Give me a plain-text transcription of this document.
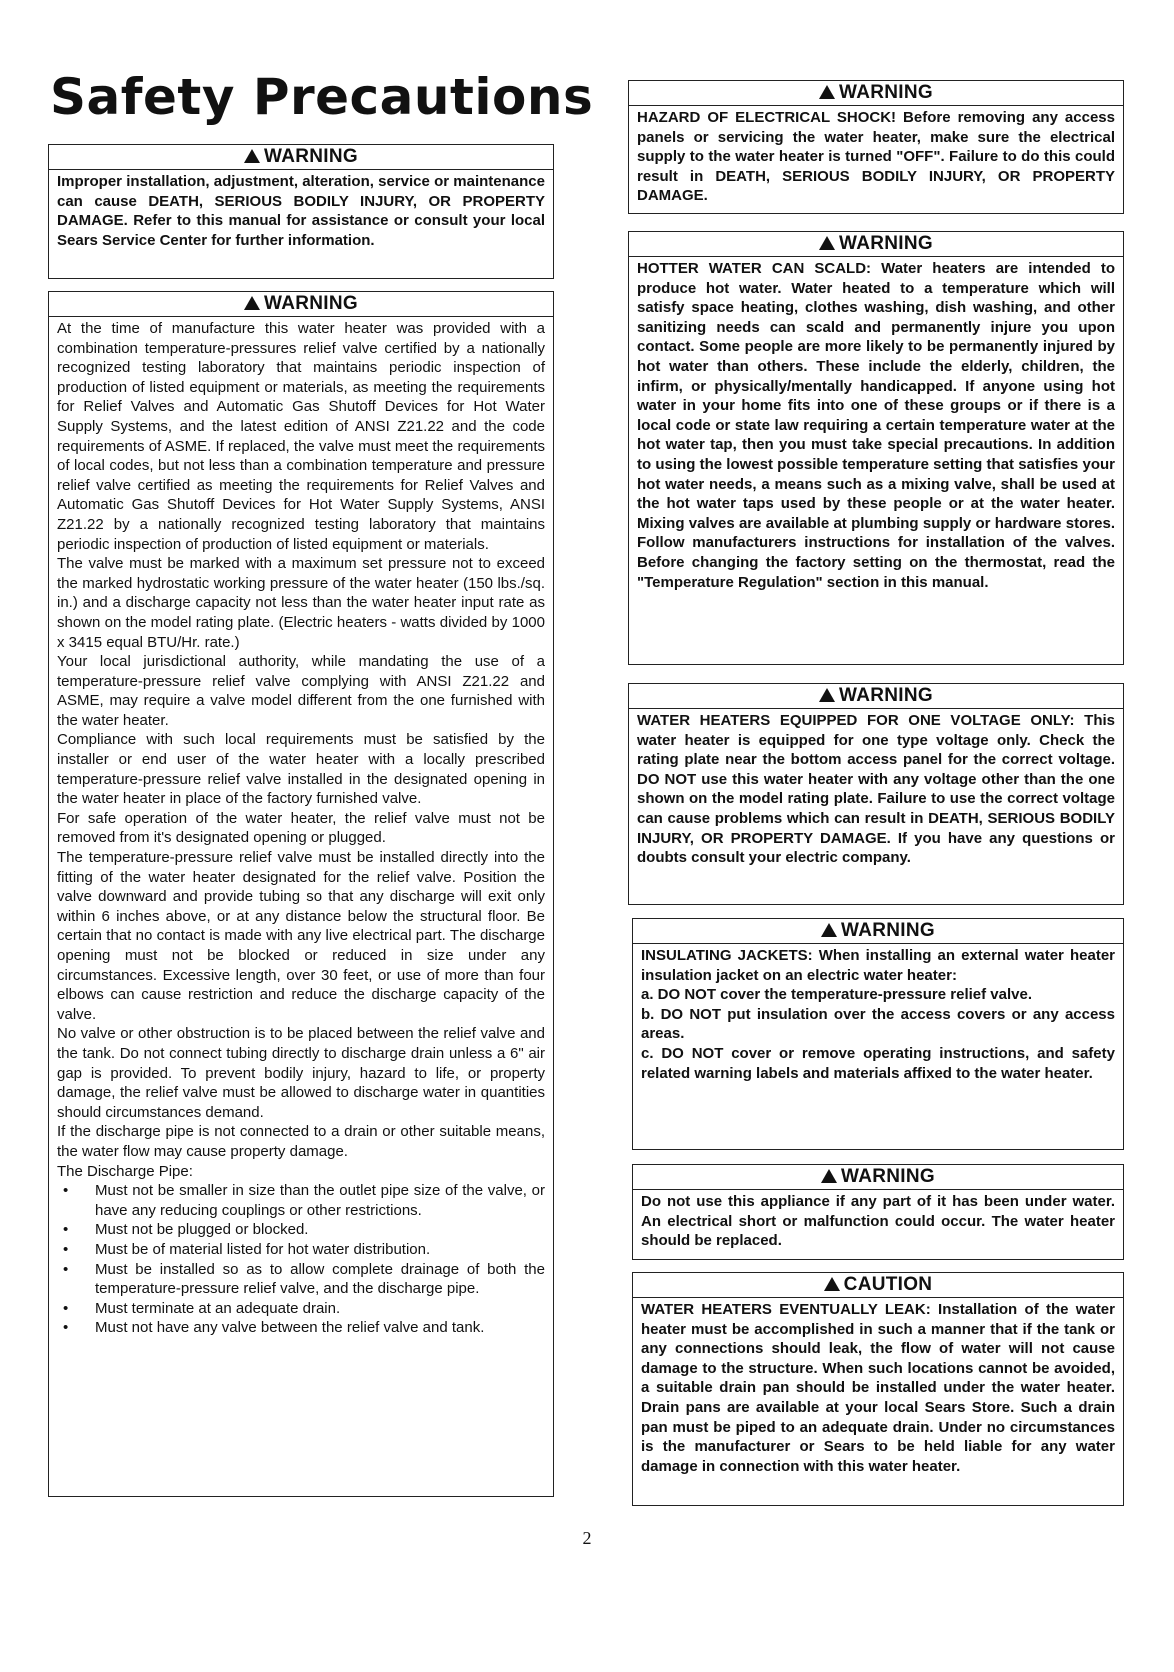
Safety Precautions
WARNING

Improper installation, adjustment, alteration, service or maintenance can cause DEATH, SERIOUS BODILY INJURY, OR PROPERTY DAMAGE. Refer to this manual for assistance or consult your local Sears Service Center for further information.

WARNING

At the time of manufacture this water heater was provided with a combination temperature-pressures relief valve certified by a nationally recognized testing laboratory that maintains periodic inspection of production of listed equipment or materials, as meeting the requirements for Relief Valves and Automatic Gas Shutoff Devices for Hot Water Supply Systems, and the latest edition of ANSI Z21.22 and the code requirements of ASME. If replaced, the valve must meet the requirements of local codes, but not less than a combination temperature and pressure relief valve certified as meeting the requirements for Relief Valves and Automatic Gas Shutoff Devices for Hot Water Supply Systems, ANSI Z21.22 by a nationally recognized testing laboratory that maintains periodic inspection of production of listed equipment or materials.

The valve must be marked with a maximum set pressure not to exceed the marked hydrostatic working pressure of the water heater (150 lbs./sq. in.) and a discharge capacity not less than the water heater input rate as shown on the model rating plate. (Electric heaters - watts divided by 1000 x 3415 equal BTU/Hr. rate.)

Your local jurisdictional authority, while mandating the use of a temperature-pressure relief valve complying with ANSI Z21.22 and ASME, may require a valve model different from the one furnished with the water heater.

Compliance with such local requirements must be satisfied by the installer or end user of the water heater with a locally prescribed temperature-pressure relief valve installed in the designated opening in the water heater in place of the factory furnished valve.

For safe operation of the water heater, the relief valve must not be removed from it's designated opening or plugged.

The temperature-pressure relief valve must be installed directly into the fitting of the water heater designated for the relief valve. Position the valve downward and provide tubing so that any discharge will exit only within 6 inches above, or at any distance below the structural floor. Be certain that no contact is made with any live electrical part. The discharge opening must not be blocked or reduced in size under any circumstances. Excessive length, over 30 feet, or use of more than four elbows can cause restriction and reduce the discharge capacity of the valve.

No valve or other obstruction is to be placed between the relief valve and the tank. Do not connect tubing directly to discharge drain unless a 6" air gap is provided. To prevent bodily injury, hazard to life, or property damage, the relief valve must be allowed to discharge water in quantities should circumstances demand.

If the discharge pipe is not connected to a drain or other suitable means, the water flow may cause property damage.

The Discharge Pipe:

• Must not be smaller in size than the outlet pipe size of the valve, or have any reducing couplings or other restrictions.
• Must not be plugged or blocked.
• Must be of material listed for hot water distribution.
• Must be installed so as to allow complete drainage of both the temperature-pressure relief valve, and the discharge pipe.
• Must terminate at an adequate drain.
• Must not have any valve between the relief valve and tank.
WARNING

HAZARD OF ELECTRICAL SHOCK! Before removing any access panels or servicing the water heater, make sure the electrical supply to the water heater is turned "OFF". Failure to do this could result in DEATH, SERIOUS BODILY INJURY, OR PROPERTY DAMAGE.

WARNING

HOTTER WATER CAN SCALD: Water heaters are intended to produce hot water. Water heated to a temperature which will satisfy space heating, clothes washing, dish washing, and other sanitizing needs can scald and permanently injure you upon contact. Some people are more likely to be permanently injured by hot water than others. These include the elderly, children, the infirm, or physically/mentally handicapped. If anyone using hot water in your home fits into one of these groups or if there is a local code or state law requiring a certain temperature water at the hot water tap, then you must take special precautions. In addition to using the lowest possible temperature setting that satisfies your hot water needs, a means such as a mixing valve, shall be used at the hot water taps used by these people or at the water heater. Mixing valves are available at plumbing supply or hardware stores. Follow manufacturers instructions for installation of the valves. Before changing the factory setting on the thermostat, read the "Temperature Regulation" section in this manual.

WARNING

WATER HEATERS EQUIPPED FOR ONE VOLTAGE ONLY: This water heater is equipped for one type voltage only. Check the rating plate near the bottom access panel for the correct voltage. DO NOT use this water heater with any voltage other than the one shown on the model rating plate. Failure to use the correct voltage can cause problems which can result in DEATH, SERIOUS BODILY INJURY, OR PROPERTY DAMAGE. If you have any questions or doubts consult your electric company.

WARNING

INSULATING JACKETS: When installing an external water heater insulation jacket on an electric water heater:

a. DO NOT cover the temperature-pressure relief valve.
b. DO NOT put insulation over the access covers or any access areas.
c. DO NOT cover or remove operating instructions, and safety related warning labels and materials affixed to the water heater.
WARNING

Do not use this appliance if any part of it has been under water. An electrical short or malfunction could occur. The water heater should be replaced.

CAUTION

WATER HEATERS EVENTUALLY LEAK: Installation of the water heater must be accomplished in such a manner that if the tank or any connections should leak, the flow of water will not cause damage to the structure. When such locations cannot be avoided, a suitable drain pan should be installed under the water heater. Drain pans are available at your local Sears Store. Such a drain pan must be piped to an adequate drain. Under no circumstances is the manufacturer or Sears to be held liable for any water damage in connection with this water heater.

2
